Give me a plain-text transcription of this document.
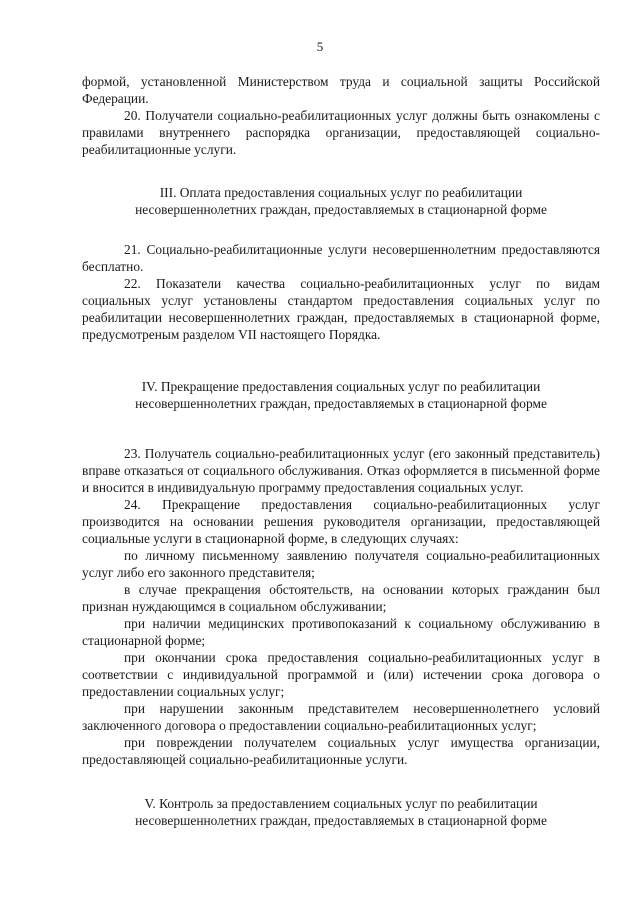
5

формой, установленной Министерством труда и социальной защиты Российской Федерации.

20. Получатели социально-реабилитационных услуг должны быть ознакомлены с правилами внутреннего распорядка организации, предоставляющей социально-реабилитационные услуги.

III. Оплата предоставления социальных услуг по реабилитации
несовершеннолетних граждан, предоставляемых в стационарной форме

21. Социально-реабилитационные услуги несовершеннолетним предоставляются бесплатно.

22. Показатели качества социально-реабилитационных услуг по видам социальных услуг установлены стандартом предоставления социальных услуг по реабилитации несовершеннолетних граждан, предоставляемых в стационарной форме, предусмотреным разделом VII настоящего Порядка.

IV. Прекращение предоставления социальных услуг по реабилитации
несовершеннолетних граждан, предоставляемых в стационарной форме

23. Получатель социально-реабилитационных услуг (его законный представитель) вправе отказаться от социального обслуживания. Отказ оформляется в письменной форме и вносится в индивидуальную программу предоставления социальных услуг.

24. Прекращение предоставления социально-реабилитационных услуг производится на основании решения руководителя организации, предоставляющей социальные услуги в стационарной форме, в следующих случаях:

по личному письменному заявлению получателя социально-реабилитационных услуг либо его законного представителя;

в случае прекращения обстоятельств, на основании которых гражданин был признан нуждающимся в социальном обслуживании;

при наличии медицинских противопоказаний к социальному обслуживанию в стационарной форме;

при окончании срока предоставления социально-реабилитационных услуг в соответствии с индивидуальной программой и (или) истечении срока договора о предоставлении социальных услуг;

при нарушении законным представителем несовершеннолетнего условий заключенного договора о предоставлении социально-реабилитационных услуг;

при повреждении получателем социальных услуг имущества организации, предоставляющей социально-реабилитационные услуги.

V. Контроль за предоставлением социальных услуг по реабилитации
несовершеннолетних граждан, предоставляемых в стационарной форме
